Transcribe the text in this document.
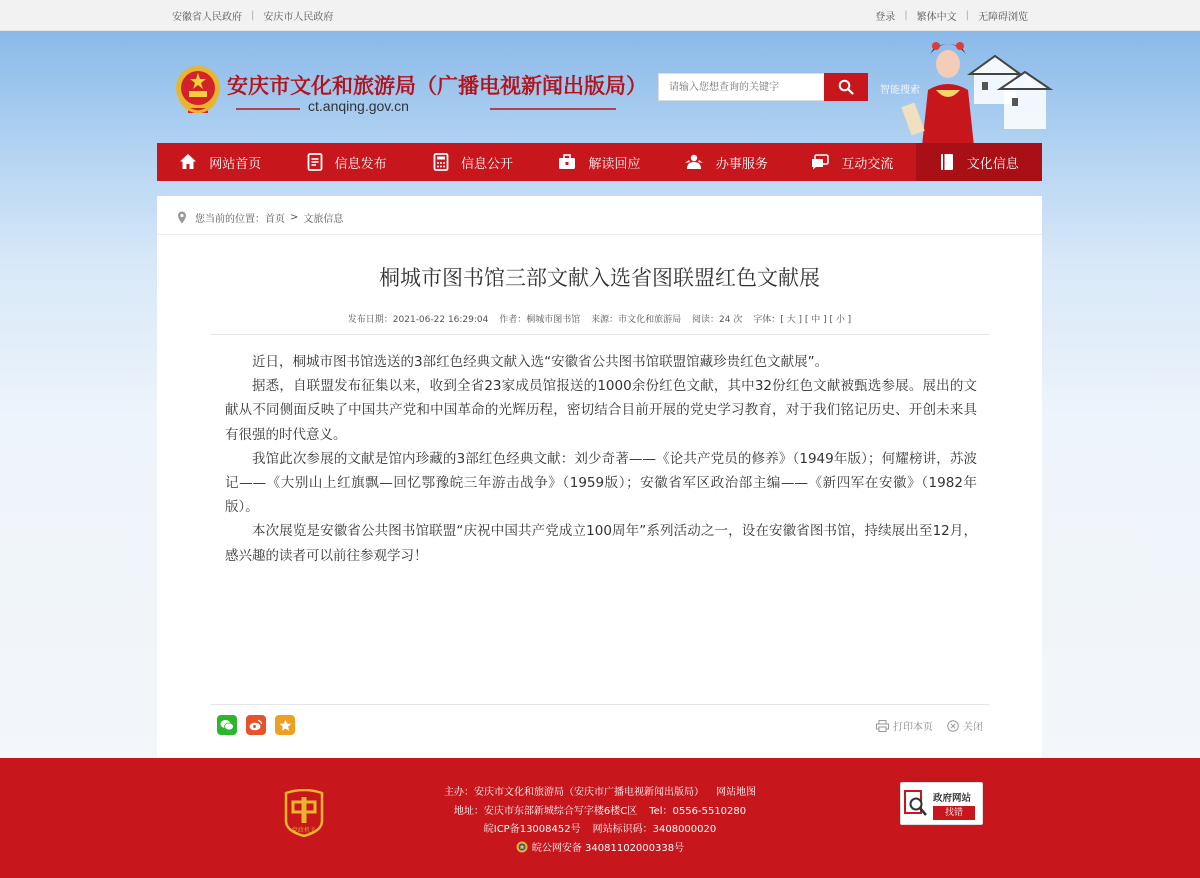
安徽省人民政府 | 安庆市人民政府	登录 | 繁体中文 | 无障碍浏览
安庆市文化和旅游局（广播电视新闻出版局）
ct.anqing.gov.cn
请输入您想查询的关键字
智能搜索
网站首页	信息发布	信息公开	解读回应	办事服务	互动交流	文化信息
您当前的位置： 首页 > 文旅信息
桐城市图书馆三部文献入选省图联盟红色文献展
发布日期：2021-06-22 16:29:04 作者：桐城市图书馆 来源：市文化和旅游局 阅读：24 次 字体：[ 大 ] [ 中 ] [ 小 ]

近日，桐城市图书馆选送的3部红色经典文献入选“安徽省公共图书馆联盟馆藏珍贵红色文献展”。

据悉，自联盟发布征集以来，收到全省23家成员馆报送的1000余份红色文献，其中32份红色文献被甄选参展。展出的文献从不同侧面反映了中国共产党和中国革命的光辉历程，密切结合目前开展的党史学习教育，对于我们铭记历史、开创未来具有很强的时代意义。

我馆此次参展的文献是馆内珍藏的3部红色经典文献：刘少奇著——《论共产党员的修养》（1949年版）；何耀榜讲，苏波记——《大别山上红旗飘—回忆鄂豫皖三年游击战争》（1959版）；安徽省军区政治部主编——《新四军在安徽》（1982年版）。

本次展览是安徽省公共图书馆联盟“庆祝中国共产党成立100周年”系列活动之一，设在安徽省图书馆，持续展出至12月，感兴趣的读者可以前往参观学习！

打印本页	关闭
党政机关
主办：安庆市文化和旅游局（安庆市广播电视新闻出版局） 网站地图
地址：安庆市东部新城综合写字楼6楼C区 Tel：0556-5510280
皖ICP备13008452号 网站标识码：3408000020
皖公网安备 34081102000338号
政府网站
找错
